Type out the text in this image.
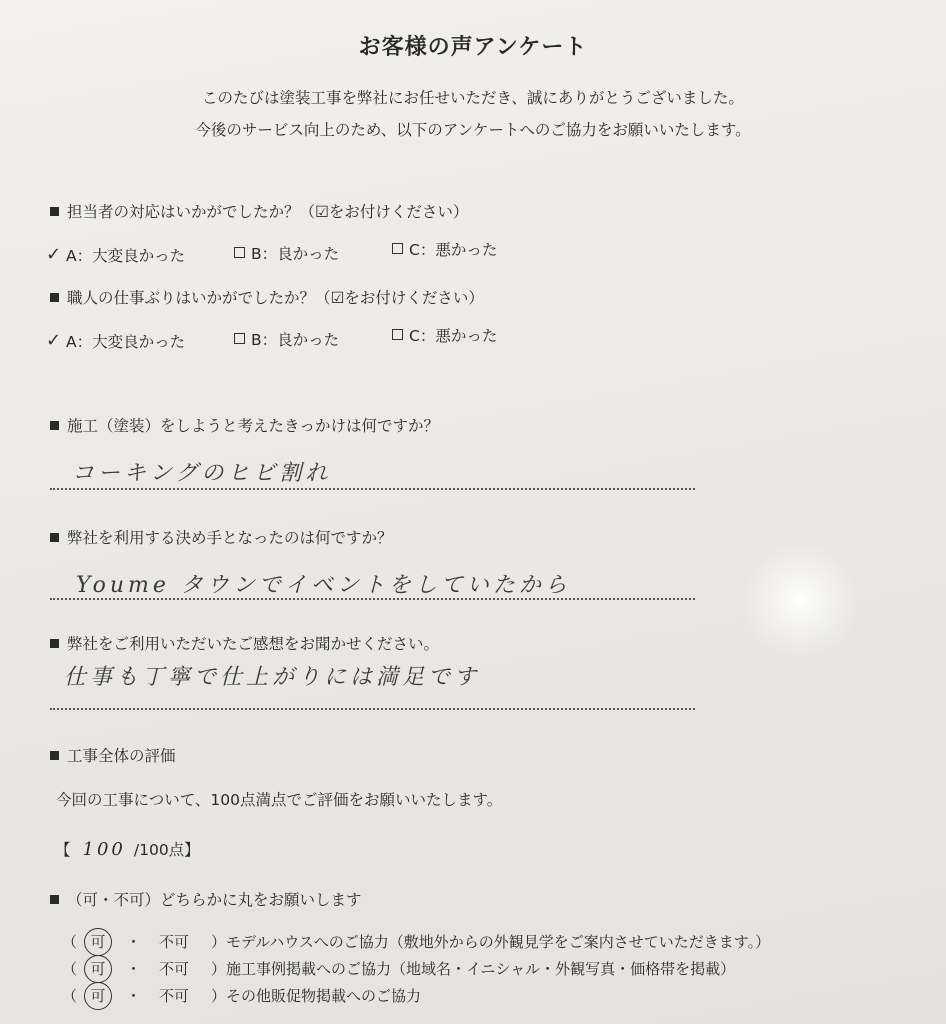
お客様の声アンケート
このたびは塗装工事を弊社にお任せいただき、誠にありがとうございました。
今後のサービス向上のため、以下のアンケートへのご協力をお願いいたします。
担当者の対応はいかがでしたか？（☑をお付けください）
✓ A：大変良かった	B：良かった	C：悪かった
職人の仕事ぶりはいかがでしたか？（☑をお付けください）
✓ A：大変良かった	B：良かった	C：悪かった
施工（塗装）をしようと考えたきっかけは何ですか？
コーキングのヒビ割れ
弊社を利用する決め手となったのは何ですか？
Youme タウンでイベントをしていたから
弊社をご利用いただいたご感想をお聞かせください。
仕事も丁寧で仕上がりには満足です
工事全体の評価
今回の工事について、100点満点でご評価をお願いいたします。
【 100 /100点】
（可・不可）どちらかに丸をお願いします
（ 可 ・ 不可 ）モデルハウスへのご協力（敷地外からの外観見学をご案内させていただきます。）
（ 可 ・ 不可 ）施工事例掲載へのご協力（地域名・イニシャル・外観写真・価格帯を掲載）
（ 可 ・ 不可 ）その他販促物掲載へのご協力
